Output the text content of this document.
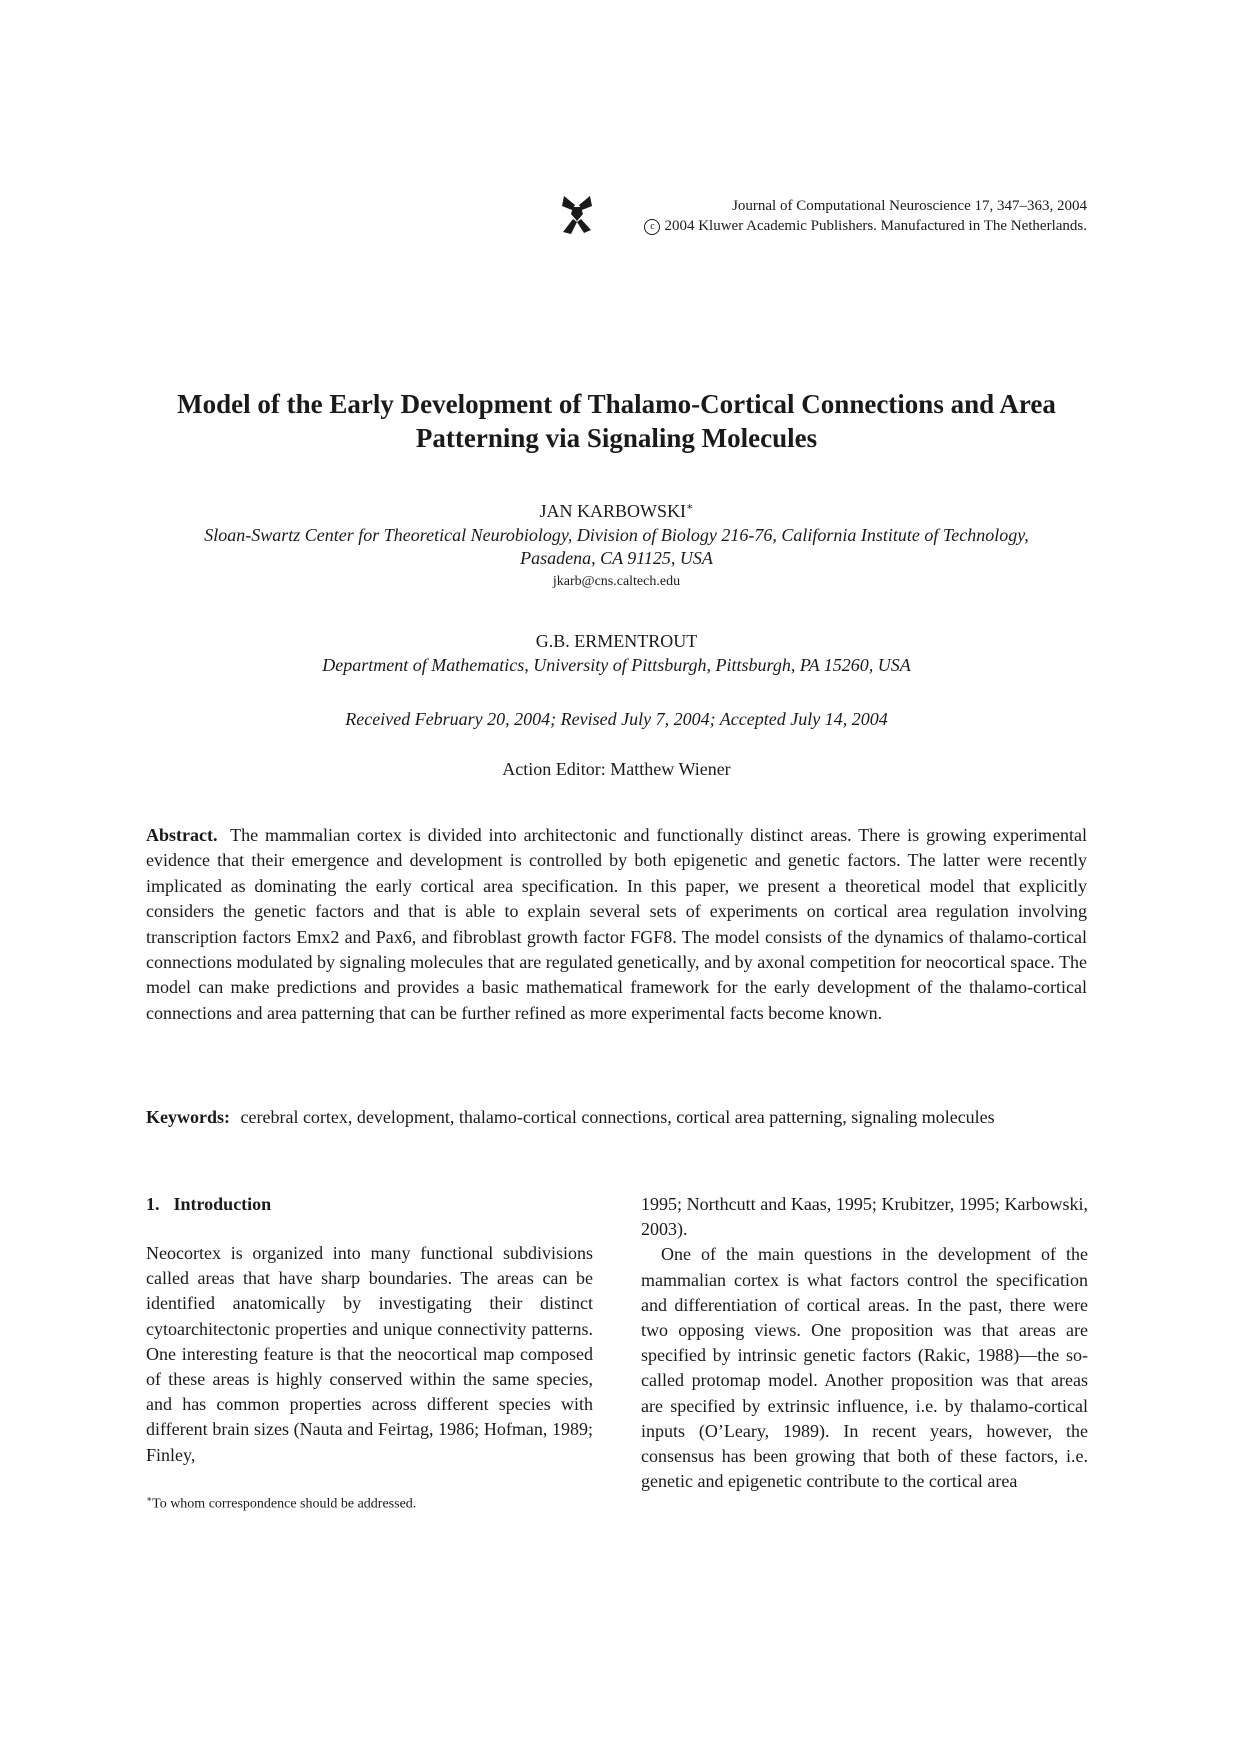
Journal of Computational Neuroscience 17, 347–363, 2004
c 2004 Kluwer Academic Publishers. Manufactured in The Netherlands.
Model of the Early Development of Thalamo-Cortical Connections and Area
Patterning via Signaling Molecules
JAN KARBOWSKI∗
Sloan-Swartz Center for Theoretical Neurobiology, Division of Biology 216-76, California Institute of Technology,
Pasadena, CA 91125, USA
jkarb@cns.caltech.edu
G.B. ERMENTROUT
Department of Mathematics, University of Pittsburgh, Pittsburgh, PA 15260, USA
Received February 20, 2004; Revised July 7, 2004; Accepted July 14, 2004
Action Editor: Matthew Wiener

Abstract. The mammalian cortex is divided into architectonic and functionally distinct areas. There is growing experimental evidence that their emergence and development is controlled by both epigenetic and genetic factors. The latter were recently implicated as dominating the early cortical area specification. In this paper, we present a theoretical model that explicitly considers the genetic factors and that is able to explain several sets of experiments on cortical area regulation involving transcription factors Emx2 and Pax6, and fibroblast growth factor FGF8. The model consists of the dynamics of thalamo-cortical connections modulated by signaling molecules that are regulated genetically, and by axonal competition for neocortical space. The model can make predictions and provides a basic mathematical framework for the early development of the thalamo-cortical connections and area patterning that can be further refined as more experimental facts become known.

Keywords: cerebral cortex, development, thalamo-cortical connections, cortical area patterning, signaling molecules

1. Introduction

Neocortex is organized into many functional subdivisions called areas that have sharp boundaries. The areas can be identified anatomically by investigating their distinct cytoarchitectonic properties and unique connectivity patterns. One interesting feature is that the neocortical map composed of these areas is highly conserved within the same species, and has common properties across different species with different brain sizes (Nauta and Feirtag, 1986; Hofman, 1989; Finley,

1995; Northcutt and Kaas, 1995; Krubitzer, 1995; Karbowski, 2003).

One of the main questions in the development of the mammalian cortex is what factors control the specification and differentiation of cortical areas. In the past, there were two opposing views. One proposition was that areas are specified by intrinsic genetic factors (Rakic, 1988)—the so-called protomap model. Another proposition was that areas are specified by extrinsic influence, i.e. by thalamo-cortical inputs (O’Leary, 1989). In recent years, however, the consensus has been growing that both of these factors, i.e. genetic and epigenetic contribute to the cortical area

∗To whom correspondence should be addressed.
